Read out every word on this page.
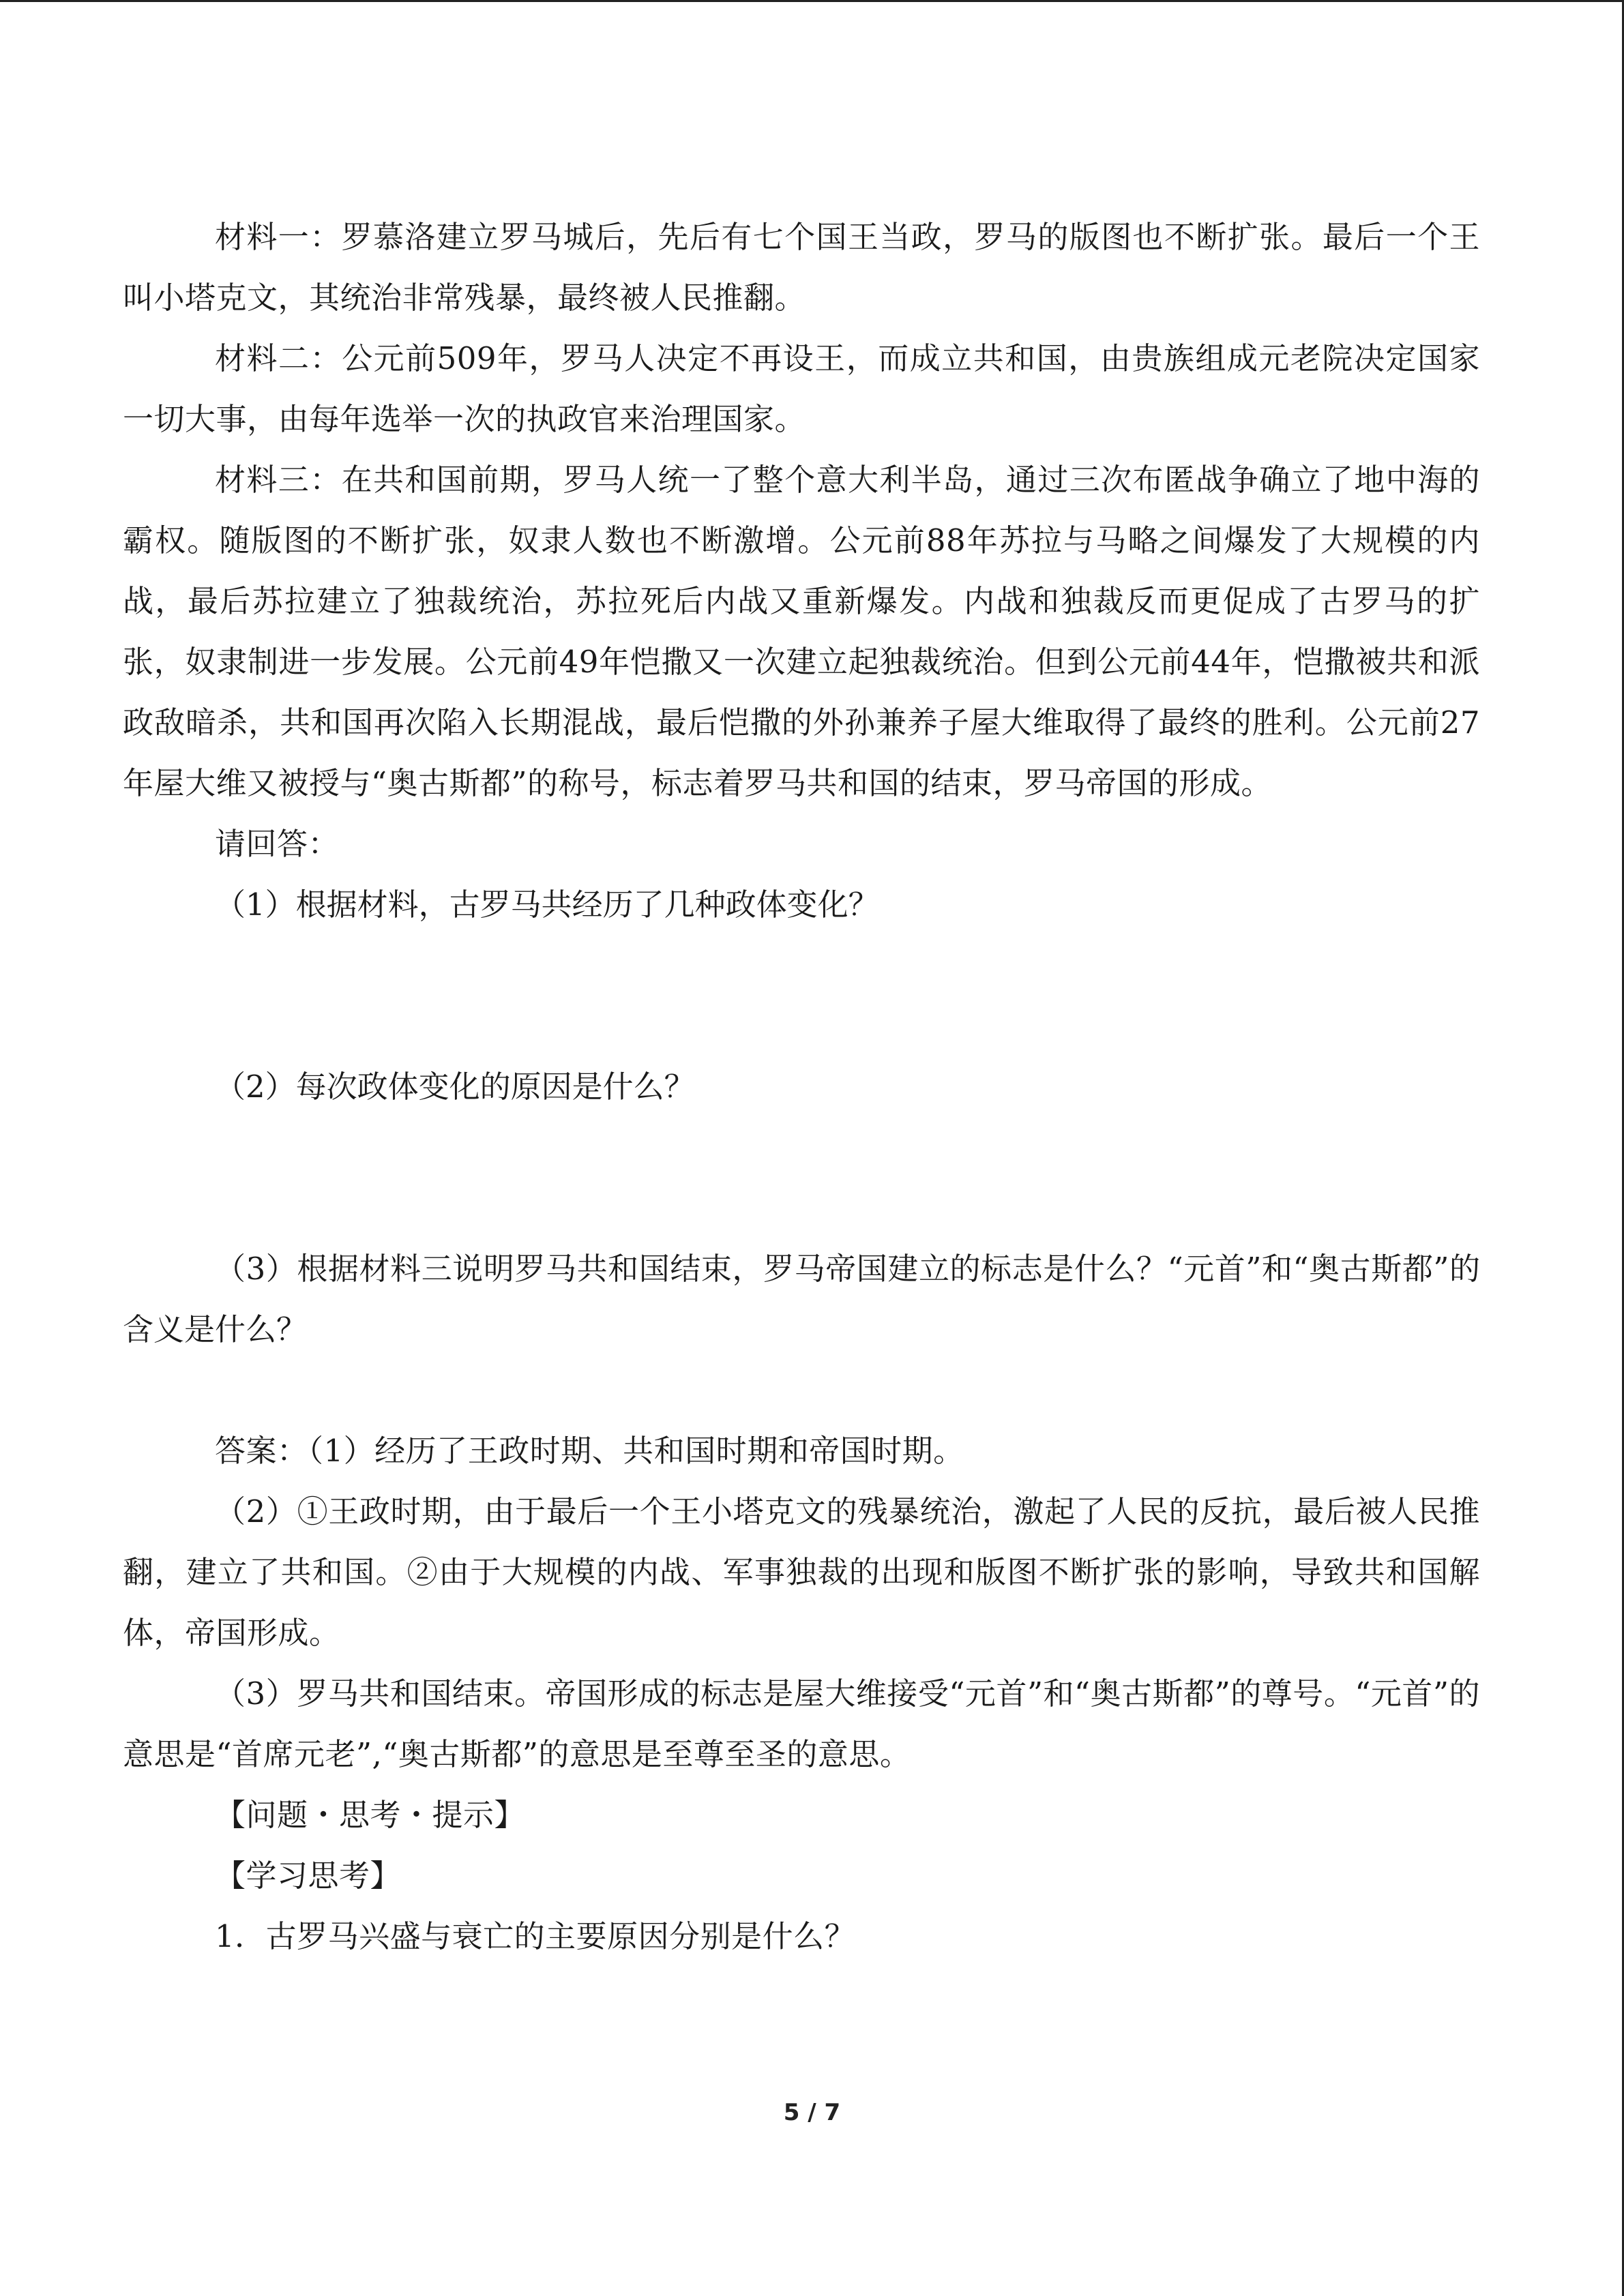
材料一：罗慕洛建立罗马城后，先后有七个国王当政，罗马的版图也不断扩张。最后一个王叫小塔克文，其统治非常残暴，最终被人民推翻。

材料二：公元前509年，罗马人决定不再设王，而成立共和国，由贵族组成元老院决定国家一切大事，由每年选举一次的执政官来治理国家。

材料三：在共和国前期，罗马人统一了整个意大利半岛，通过三次布匿战争确立了地中海的霸权。随版图的不断扩张，奴隶人数也不断激增。公元前88年苏拉与马略之间爆发了大规模的内战，最后苏拉建立了独裁统治，苏拉死后内战又重新爆发。内战和独裁反而更促成了古罗马的扩张，奴隶制进一步发展。公元前49年恺撒又一次建立起独裁统治。但到公元前44年，恺撒被共和派政敌暗杀，共和国再次陷入长期混战，最后恺撒的外孙兼养子屋大维取得了最终的胜利。公元前27年屋大维又被授与“奥古斯都”的称号，标志着罗马共和国的结束，罗马帝国的形成。

请回答：

（1）根据材料，古罗马共经历了几种政体变化？

（2）每次政体变化的原因是什么？

（3）根据材料三说明罗马共和国结束，罗马帝国建立的标志是什么？“元首”和“奥古斯都”的含义是什么？

答案：（1）经历了王政时期、共和国时期和帝国时期。

（2）①王政时期，由于最后一个王小塔克文的残暴统治，激起了人民的反抗，最后被人民推翻，建立了共和国。②由于大规模的内战、军事独裁的出现和版图不断扩张的影响，导致共和国解体，帝国形成。

（3）罗马共和国结束。帝国形成的标志是屋大维接受“元首”和“奥古斯都”的尊号。“元首”的意思是“首席元老”,“奥古斯都”的意思是至尊至圣的意思。

【问题・思考・提示】

【学习思考】

1．古罗马兴盛与衰亡的主要原因分别是什么？

5 / 7
